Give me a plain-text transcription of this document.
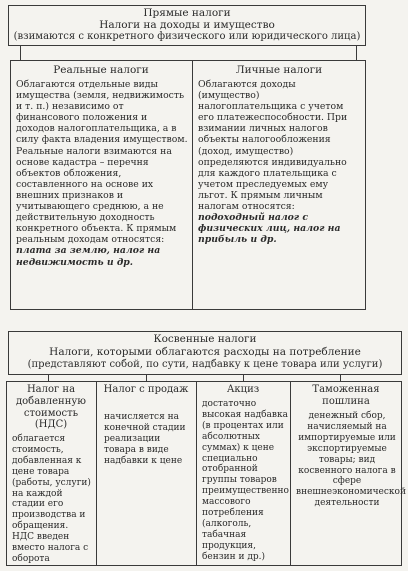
Прямые налоги
Налоги на доходы и имущество
(взимаются с конкретного физического или юридического лица)
Реальные налоги
Облагаются отдельные виды имущества (земля, недвижимость и т. п.) независимо от финансового положения и доходов налогоплательщика, а в силу факта владения имуществом. Реальные налоги взимаются на основе кадастра – перечня объектов обложения, составленного на основе их внешних признаков и учитывающего среднюю, а не действительную доходность конкретного объекта. К прямым реальным доходам относятся: плата за землю, налог на недвижимость и др.
Личные налоги
Облагаются доходы (имущество) налогоплательщика с учетом его платежеспособности. При взимании личных налогов объекты налогообложения (доход, имущество) определяются индивидуально для каждого плательщика с учетом преследуемых ему льгот. К прямым личным налогам относятся: подоходный налог с физических лиц, налог на прибыль и др.
Косвенные налоги
Налоги, которыми облагаются расходы на потребление
(представляют собой, по сути, надбавку к цене товара или услуги)
Налог на добавленную стоимость (НДС)
облагается стоимость, добавленная к цене товара (работы, услуги) на каждой стадии его производства и обращения. НДС введен вместо налога с оборота
Налог с продаж
начисляется на конечной стадии реализации товара в виде надбавки к цене
Акциз
достаточно высокая надбавка (в процентах или абсолютных суммах) к цене специально отобранной группы товаров преимущественно массового потребления (алкоголь, табачная продукция, бензин и др.)
Таможенная пошлина
денежный сбор, начисляемый на импортируемые или экспортируемые товары; вид косвенного налога в сфере внешнеэкономической деятельности
